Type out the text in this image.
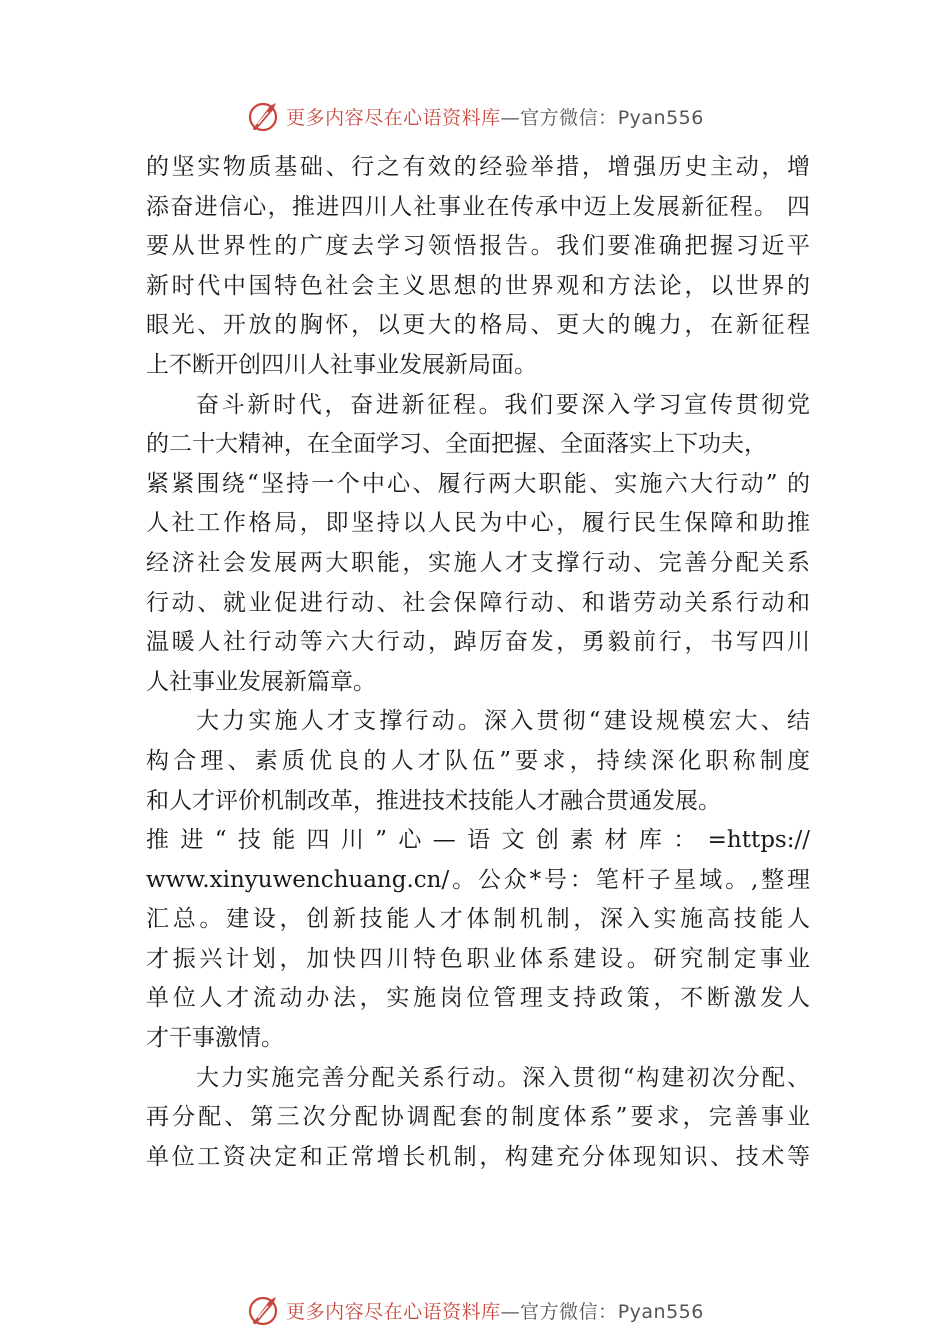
更多内容尽在心语资料库—官方微信：Pyan556
的坚实物质基础、行之有效的经验举措，增强历史主动，增
添奋进信心，推进四川人社事业在传承中迈上发展新征程。 四
要从世界性的广度去学习领悟报告。我们要准确把握习近平
新时代中国特色社会主义思想的世界观和方法论，以世界的
眼光、开放的胸怀，以更大的格局、更大的魄力，在新征程
上不断开创四川人社事业发展新局面。
奋斗新时代，奋进新征程。我们要深入学习宣传贯彻党
的二十大精神，在全面学习、全面把握、全面落实上下功夫，
紧紧围绕“坚持一个中心、履行两大职能、实施六大行动” 的
人社工作格局，即坚持以人民为中心，履行民生保障和助推
经济社会发展两大职能，实施人才支撑行动、完善分配关系
行动、就业促进行动、社会保障行动、和谐劳动关系行动和
温暖人社行动等六大行动，踔厉奋发，勇毅前行，书写四川
人社事业发展新篇章。
大力实施人才支撑行动。深入贯彻“建设规模宏大、结
构合理、素质优良的人才队伍”要求，持续深化职称制度
和人才评价机制改革，推进技术技能人才融合贯通发展。
推进“技能四川”心—语文创素材库：=https://
www.xinyuwenchuang.cn/。公众*号：笔杆子星域。,整理
汇总。建设，创新技能人才体制机制，深入实施高技能人
才振兴计划，加快四川特色职业体系建设。研究制定事业
单位人才流动办法，实施岗位管理支持政策，不断激发人
才干事激情。
大力实施完善分配关系行动。深入贯彻“构建初次分配、
再分配、第三次分配协调配套的制度体系”要求，完善事业
单位工资决定和正常增长机制，构建充分体现知识、技术等
更多内容尽在心语资料库—官方微信：Pyan556
